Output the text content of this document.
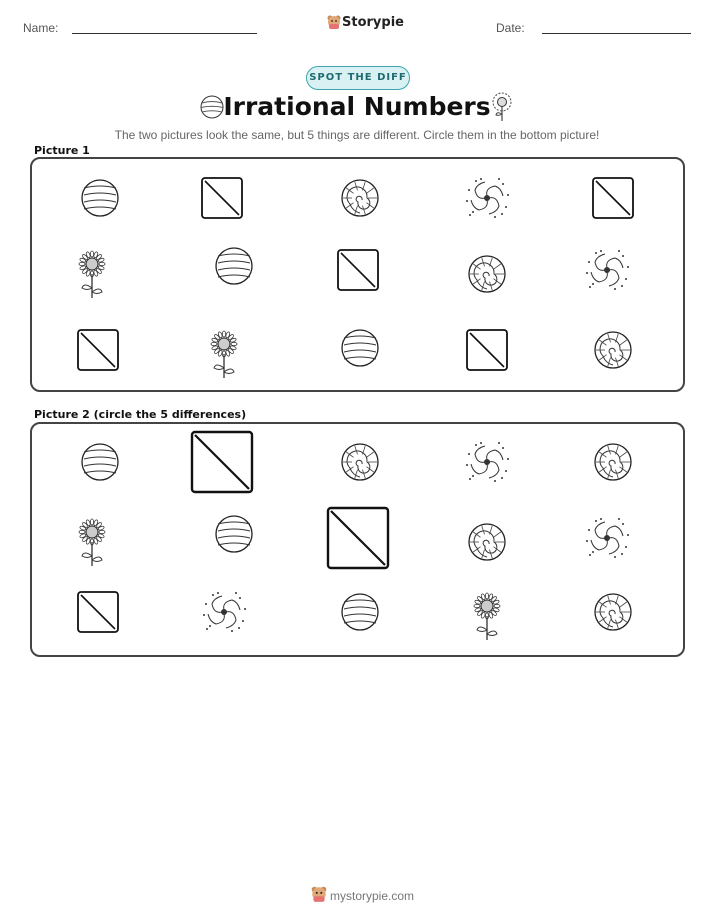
Name:	Storypie	Date:
SPOT THE DIFF
Irrational Numbers
The two pictures look the same, but 5 things are different. Circle them in the bottom picture!
Picture 1
Picture 2 (circle the 5 differences)
mystorypie.com
